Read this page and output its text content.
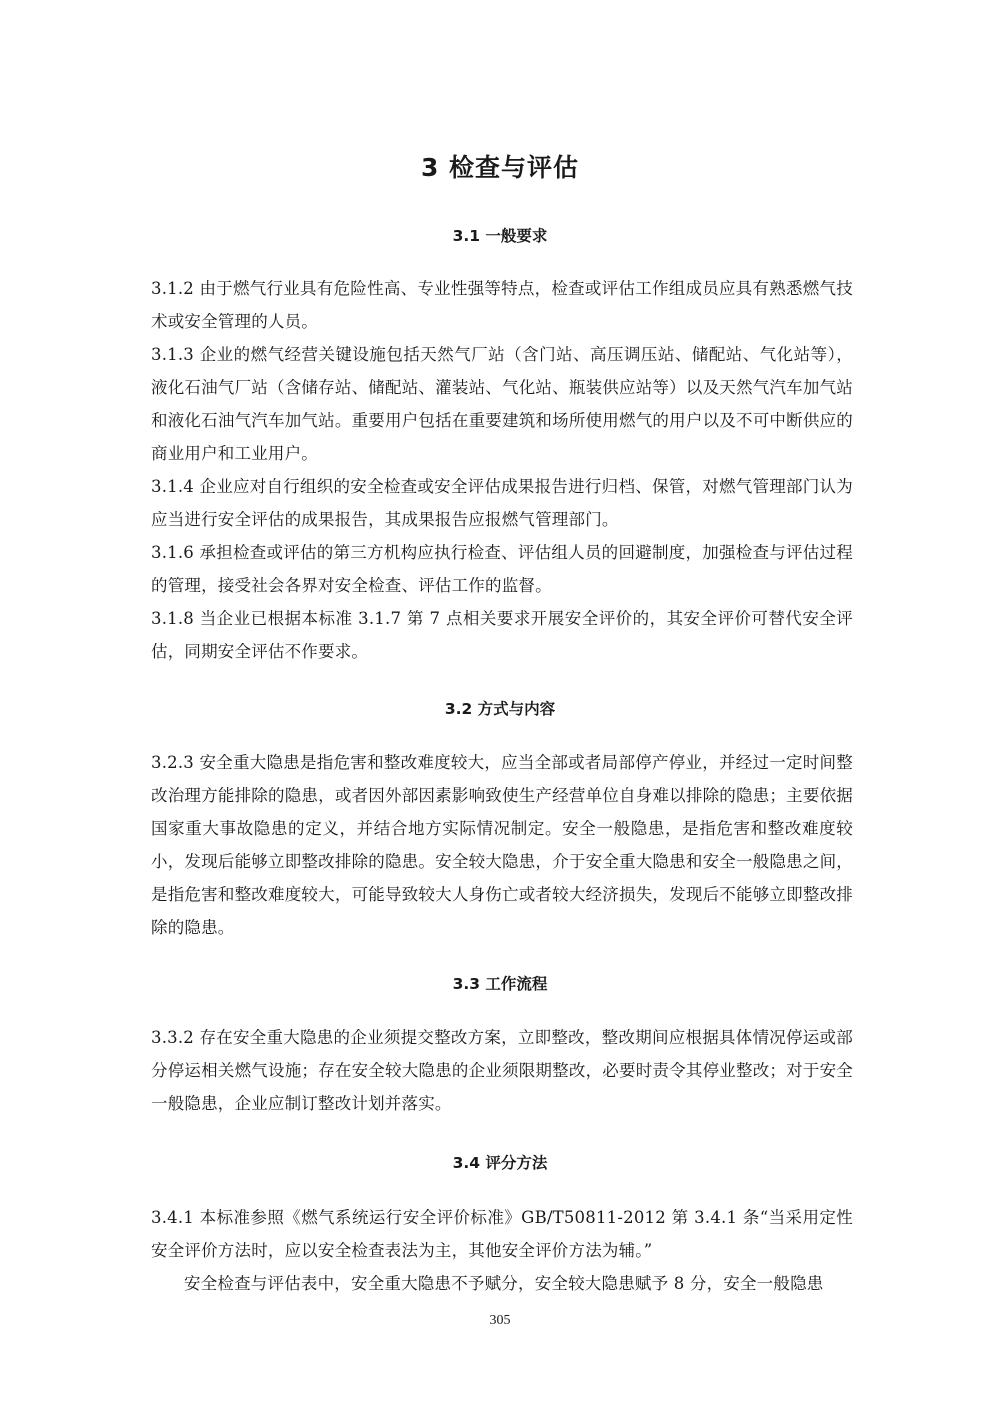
3 检查与评估
3.1 一般要求

3.1.2 由于燃气行业具有危险性高、专业性强等特点，检查或评估工作组成员应具有熟悉燃气技术或安全管理的人员。

3.1.3 企业的燃气经营关键设施包括天然气厂站（含门站、高压调压站、储配站、气化站等），液化石油气厂站（含储存站、储配站、灌装站、气化站、瓶装供应站等）以及天然气汽车加气站和液化石油气汽车加气站。重要用户包括在重要建筑和场所使用燃气的用户以及不可中断供应的商业用户和工业用户。

3.1.4 企业应对自行组织的安全检查或安全评估成果报告进行归档、保管，对燃气管理部门认为应当进行安全评估的成果报告，其成果报告应报燃气管理部门。

3.1.6 承担检查或评估的第三方机构应执行检查、评估组人员的回避制度，加强检查与评估过程的管理，接受社会各界对安全检查、评估工作的监督。

3.1.8 当企业已根据本标准 3.1.7 第 7 点相关要求开展安全评价的，其安全评价可替代安全评估，同期安全评估不作要求。

3.2 方式与内容

3.2.3 安全重大隐患是指危害和整改难度较大，应当全部或者局部停产停业，并经过一定时间整改治理方能排除的隐患，或者因外部因素影响致使生产经营单位自身难以排除的隐患；主要依据国家重大事故隐患的定义，并结合地方实际情况制定。安全一般隐患，是指危害和整改难度较小，发现后能够立即整改排除的隐患。安全较大隐患，介于安全重大隐患和安全一般隐患之间，是指危害和整改难度较大，可能导致较大人身伤亡或者较大经济损失，发现后不能够立即整改排除的隐患。

3.3 工作流程

3.3.2 存在安全重大隐患的企业须提交整改方案，立即整改，整改期间应根据具体情况停运或部分停运相关燃气设施；存在安全较大隐患的企业须限期整改，必要时责令其停业整改；对于安全一般隐患，企业应制订整改计划并落实。

3.4 评分方法

3.4.1 本标准参照《燃气系统运行安全评价标准》GB/T50811-2012 第 3.4.1 条“当采用定性安全评价方法时，应以安全检查表法为主，其他安全评价方法为辅。”

安全检查与评估表中，安全重大隐患不予赋分，安全较大隐患赋予 8 分，安全一般隐患

305
